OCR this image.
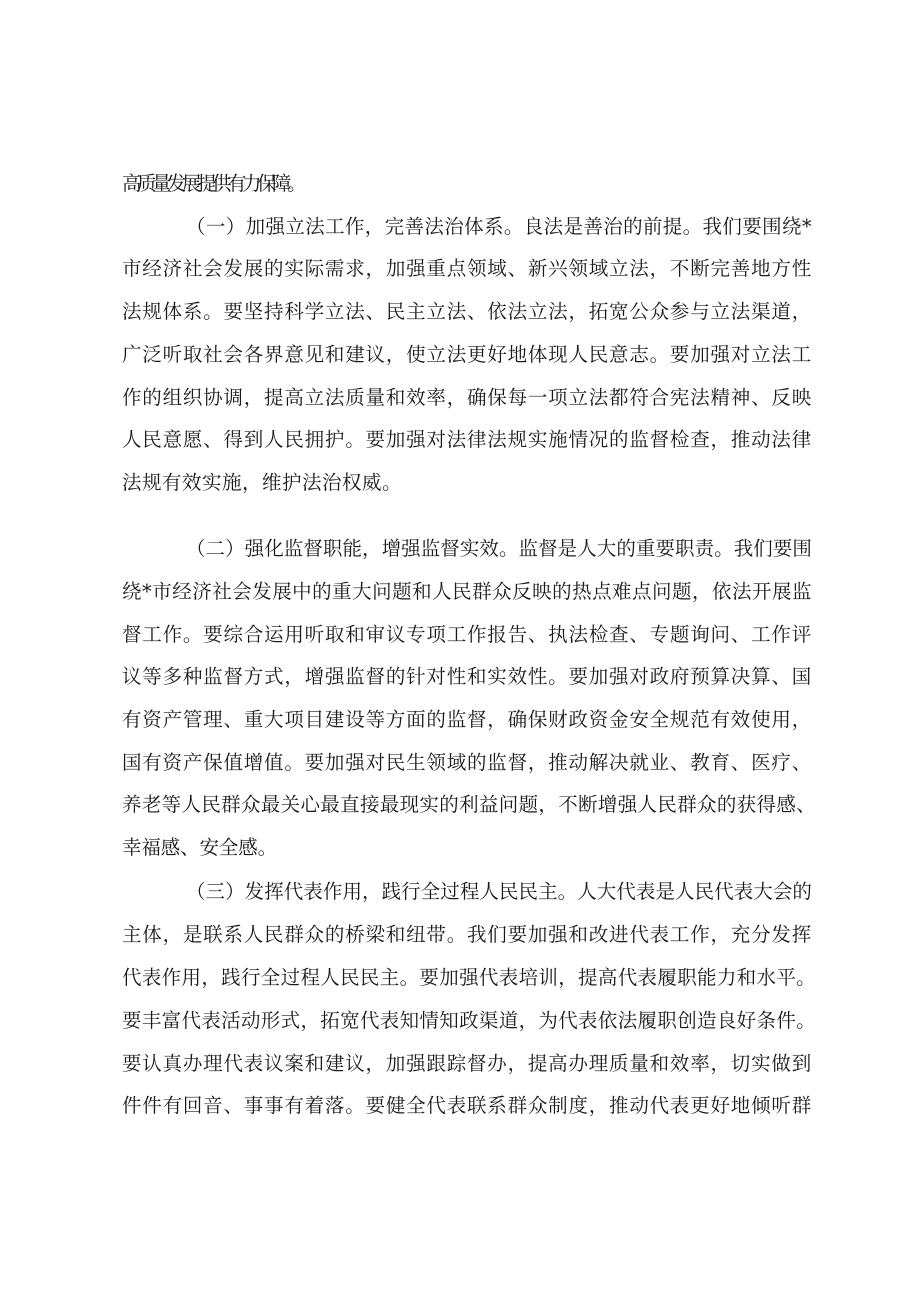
高质量发展提供有力保障。
（一）加强立法工作，完善法治体系。良法是善治的前提。我们要围绕*
市经济社会发展的实际需求，加强重点领域、新兴领域立法，不断完善地方性
法规体系。要坚持科学立法、民主立法、依法立法，拓宽公众参与立法渠道，
广泛听取社会各界意见和建议，使立法更好地体现人民意志。要加强对立法工
作的组织协调，提高立法质量和效率，确保每一项立法都符合宪法精神、反映
人民意愿、得到人民拥护。要加强对法律法规实施情况的监督检查，推动法律
法规有效实施，维护法治权威。
（二）强化监督职能，增强监督实效。监督是人大的重要职责。我们要围
绕*市经济社会发展中的重大问题和人民群众反映的热点难点问题，依法开展监
督工作。要综合运用听取和审议专项工作报告、执法检查、专题询问、工作评
议等多种监督方式，增强监督的针对性和实效性。要加强对政府预算决算、国
有资产管理、重大项目建设等方面的监督，确保财政资金安全规范有效使用，
国有资产保值增值。要加强对民生领域的监督，推动解决就业、教育、医疗、
养老等人民群众最关心最直接最现实的利益问题，不断增强人民群众的获得感、
幸福感、安全感。
（三）发挥代表作用，践行全过程人民民主。人大代表是人民代表大会的
主体，是联系人民群众的桥梁和纽带。我们要加强和改进代表工作，充分发挥
代表作用，践行全过程人民民主。要加强代表培训，提高代表履职能力和水平。
要丰富代表活动形式，拓宽代表知情知政渠道，为代表依法履职创造良好条件。
要认真办理代表议案和建议，加强跟踪督办，提高办理质量和效率，切实做到
件件有回音、事事有着落。要健全代表联系群众制度，推动代表更好地倾听群
